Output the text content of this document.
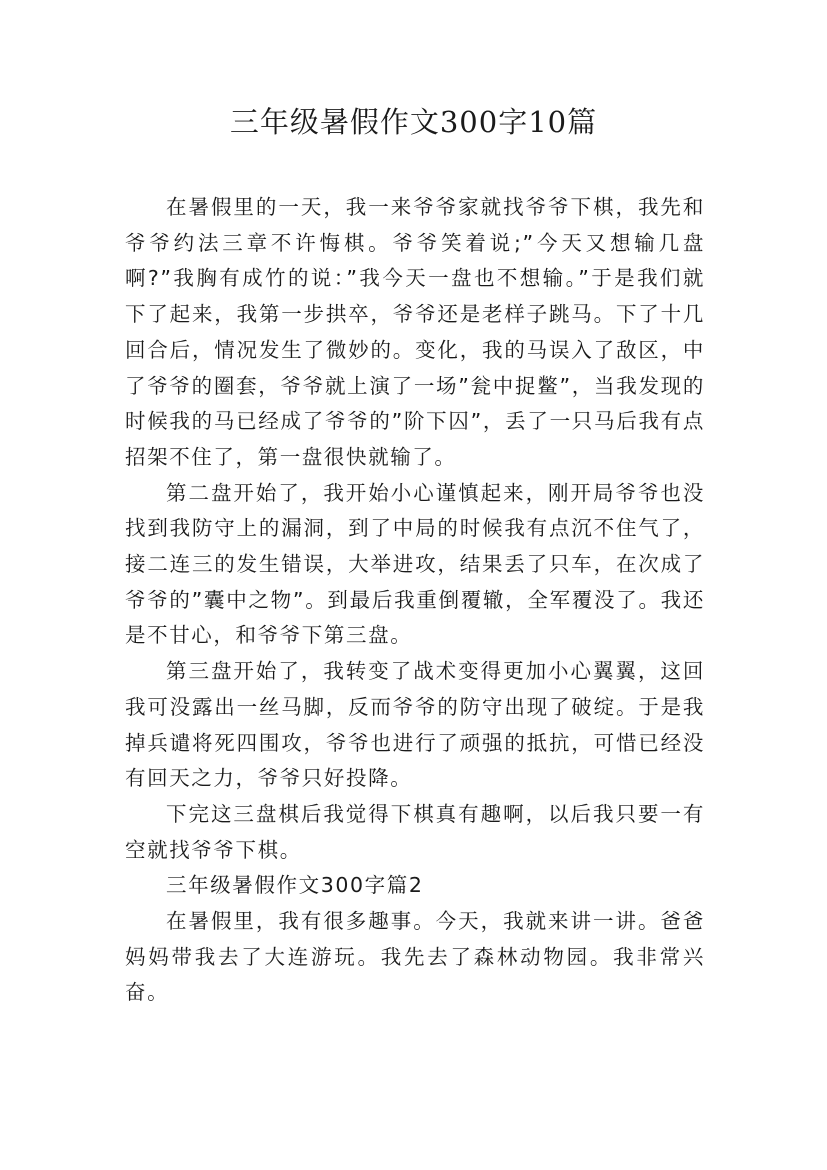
三年级暑假作文300字10篇

在暑假里的一天，我一来爷爷家就找爷爷下棋，我先和爷爷约法三章不许悔棋。爷爷笑着说;”今天又想输几盘啊?”我胸有成竹的说：”我今天一盘也不想输。”于是我们就下了起来，我第一步拱卒，爷爷还是老样子跳马。下了十几回合后，情况发生了微妙的。变化，我的马误入了敌区，中了爷爷的圈套，爷爷就上演了一场”瓮中捉鳖”，当我发现的时候我的马已经成了爷爷的”阶下囚”，丢了一只马后我有点招架不住了，第一盘很快就输了。

第二盘开始了，我开始小心谨慎起来，刚开局爷爷也没找到我防守上的漏洞，到了中局的时候我有点沉不住气了，接二连三的发生错误，大举进攻，结果丢了只车，在次成了爷爷的”囊中之物”。到最后我重倒覆辙，全军覆没了。我还是不甘心，和爷爷下第三盘。

第三盘开始了，我转变了战术变得更加小心翼翼，这回我可没露出一丝马脚，反而爷爷的防守出现了破绽。于是我掉兵谴将死四围攻，爷爷也进行了顽强的抵抗，可惜已经没有回天之力，爷爷只好投降。

下完这三盘棋后我觉得下棋真有趣啊，以后我只要一有空就找爷爷下棋。

三年级暑假作文300字篇2

在暑假里，我有很多趣事。今天，我就来讲一讲。爸爸妈妈带我去了大连游玩。我先去了森林动物园。我非常兴奋。
